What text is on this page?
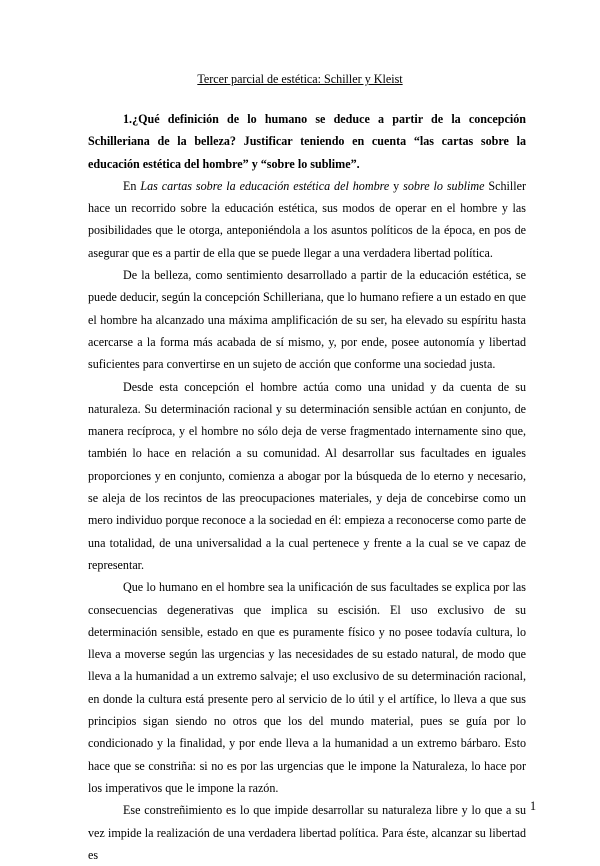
Tercer parcial de estética: Schiller y Kleist

1.¿Qué definición de lo humano se deduce a partir de la concepción Schilleriana de la belleza? Justificar teniendo en cuenta “las cartas sobre la educación estética del hombre” y “sobre lo sublime”.

En Las cartas sobre la educación estética del hombre y sobre lo sublime Schiller hace un recorrido sobre la educación estética, sus modos de operar en el hombre y las posibilidades que le otorga, anteponiéndola a los asuntos políticos de la época, en pos de asegurar que es a partir de ella que se puede llegar a una verdadera libertad política.

De la belleza, como sentimiento desarrollado a partir de la educación estética, se puede deducir, según la concepción Schilleriana, que lo humano refiere a un estado en que el hombre ha alcanzado una máxima amplificación de su ser, ha elevado su espíritu hasta acercarse a la forma más acabada de sí mismo, y, por ende, posee autonomía y libertad suficientes para convertirse en un sujeto de acción que conforme una sociedad justa.

Desde esta concepción el hombre actúa como una unidad y da cuenta de su naturaleza. Su determinación racional y su determinación sensible actúan en conjunto, de manera recíproca, y el hombre no sólo deja de verse fragmentado internamente sino que, también lo hace en relación a su comunidad. Al desarrollar sus facultades en iguales proporciones y en conjunto, comienza a abogar por la búsqueda de lo eterno y necesario, se aleja de los recintos de las preocupaciones materiales, y deja de concebirse como un mero individuo porque reconoce a la sociedad en él: empieza a reconocerse como parte de una totalidad, de una universalidad a la cual pertenece y frente a la cual se ve capaz de representar.

Que lo humano en el hombre sea la unificación de sus facultades se explica por las consecuencias degenerativas que implica su escisión. El uso exclusivo de su determinación sensible, estado en que es puramente físico y no posee todavía cultura, lo lleva a moverse según las urgencias y las necesidades de su estado natural, de modo que lleva a la humanidad a un extremo salvaje; el uso exclusivo de su determinación racional, en donde la cultura está presente pero al servicio de lo útil y el artífice, lo lleva a que sus principios sigan siendo no otros que los del mundo material, pues se guía por lo condicionado y la finalidad, y por ende lleva a la humanidad a un extremo bárbaro. Esto hace que se constriña: si no es por las urgencias que le impone la Naturaleza, lo hace por los imperativos que le impone la razón.

Ese constreñimiento es lo que impide desarrollar su naturaleza libre y lo que a su vez impide la realización de una verdadera libertad política. Para éste, alcanzar su libertad es

1
